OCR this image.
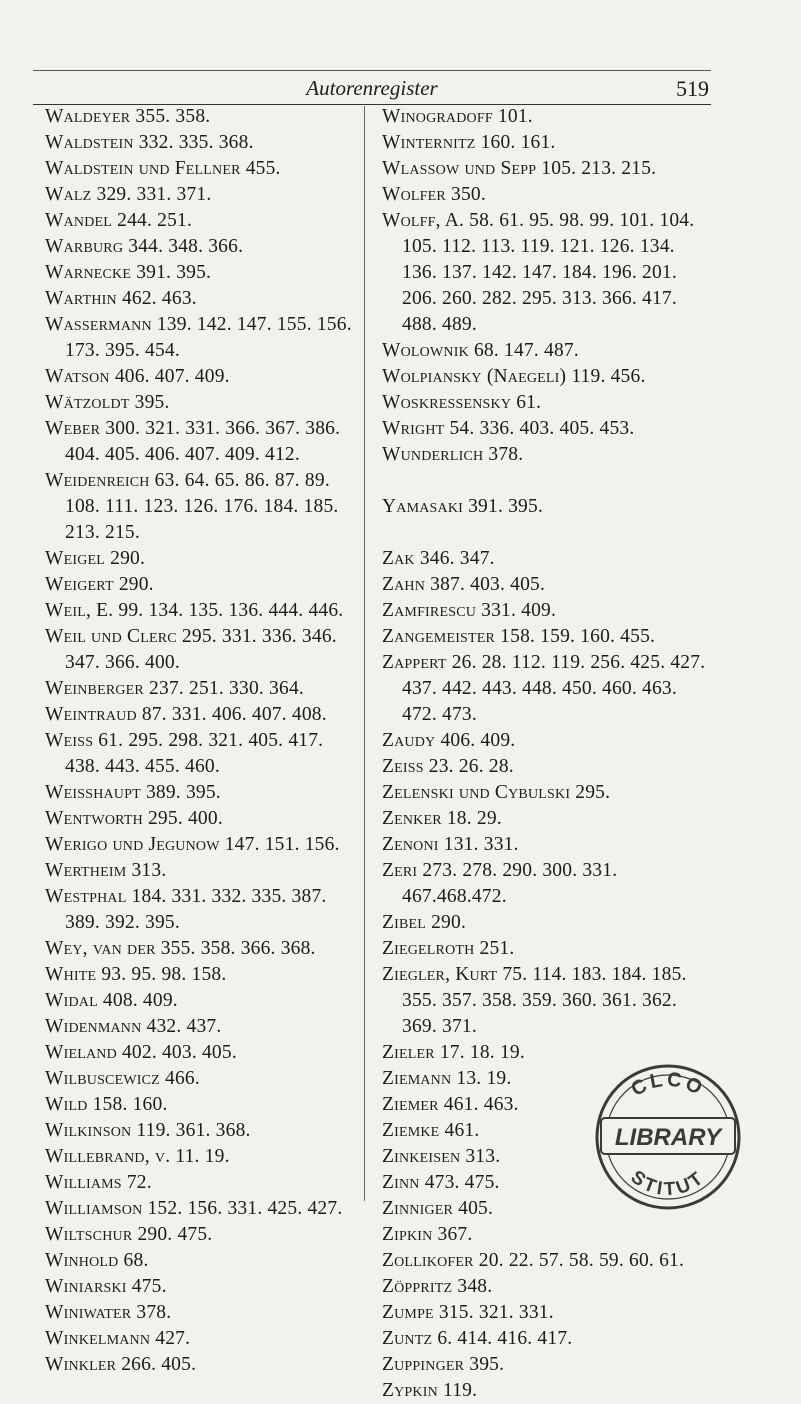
Autorenregister	519
Waldeyer 355. 358.
Waldstein 332. 335. 368.
Waldstein und Fellner 455.
Walz 329. 331. 371.
Wandel 244. 251.
Warburg 344. 348. 366.
Warnecke 391. 395.
Warthin 462. 463.
Wassermann 139. 142. 147. 155. 156. 173. 395. 454.
Watson 406. 407. 409.
Wätzoldt 395.
Weber 300. 321. 331. 366. 367. 386. 404. 405. 406. 407. 409. 412.
Weidenreich 63. 64. 65. 86. 87. 89. 108. 111. 123. 126. 176. 184. 185. 213. 215.
Weigel 290.
Weigert 290.
Weil, E. 99. 134. 135. 136. 444. 446.
Weil und Clerc 295. 331. 336. 346. 347. 366. 400.
Weinberger 237. 251. 330. 364.
Weintraud 87. 331. 406. 407. 408.
Weiss 61. 295. 298. 321. 405. 417. 438. 443. 455. 460.
Weisshaupt 389. 395.
Wentworth 295. 400.
Werigo und Jegunow 147. 151. 156.
Wertheim 313.
Westphal 184. 331. 332. 335. 387. 389. 392. 395.
Wey, van der 355. 358. 366. 368.
White 93. 95. 98. 158.
Widal 408. 409.
Widenmann 432. 437.
Wieland 402. 403. 405.
Wilbuscewicz 466.
Wild 158. 160.
Wilkinson 119. 361. 368.
Willebrand, v. 11. 19.
Williams 72.
Williamson 152. 156. 331. 425. 427.
Wiltschur 290. 475.
Winhold 68.
Winiarski 475.
Winiwater 378.
Winkelmann 427.
Winkler 266. 405.
Winogradoff 101.
Winternitz 160. 161.
Wlassow und Sepp 105. 213. 215.
Wolfer 350.
Wolff, A. 58. 61. 95. 98. 99. 101. 104. 105. 112. 113. 119. 121. 126. 134. 136. 137. 142. 147. 184. 196. 201. 206. 260. 282. 295. 313. 366. 417. 488. 489.
Wolownik 68. 147. 487.
Wolpiansky (Naegeli) 119. 456.
Woskressensky 61.
Wright 54. 336. 403. 405. 453.
Wunderlich 378.
Yamasaki 391. 395.
Zak 346. 347.
Zahn 387. 403. 405.
Zamfirescu 331. 409.
Zangemeister 158. 159. 160. 455.
Zappert 26. 28. 112. 119. 256. 425. 427. 437. 442. 443. 448. 450. 460. 463. 472. 473.
Zaudy 406. 409.
Zeiss 23. 26. 28.
Zelenski und Cybulski 295.
Zenker 18. 29.
Zenoni 131. 331.
Zeri 273. 278. 290. 300. 331. 467.468.472.
Zibel 290.
Ziegelroth 251.
Ziegler, Kurt 75. 114. 183. 184. 185. 355. 357. 358. 359. 360. 361. 362. 369. 371.
Zieler 17. 18. 19.
Ziemann 13. 19.
Ziemer 461. 463.
Ziemke 461.
Zinkeisen 313.
Zinn 473. 475.
Zinniger 405.
Zipkin 367.
Zollikofer 20. 22. 57. 58. 59. 60. 61.
Zöppritz 348.
Zumpe 315. 321. 331.
Zuntz 6. 414. 416. 417.
Zuppinger 395.
Zypkin 119.
CLCO
LIBRARY
STITUT
